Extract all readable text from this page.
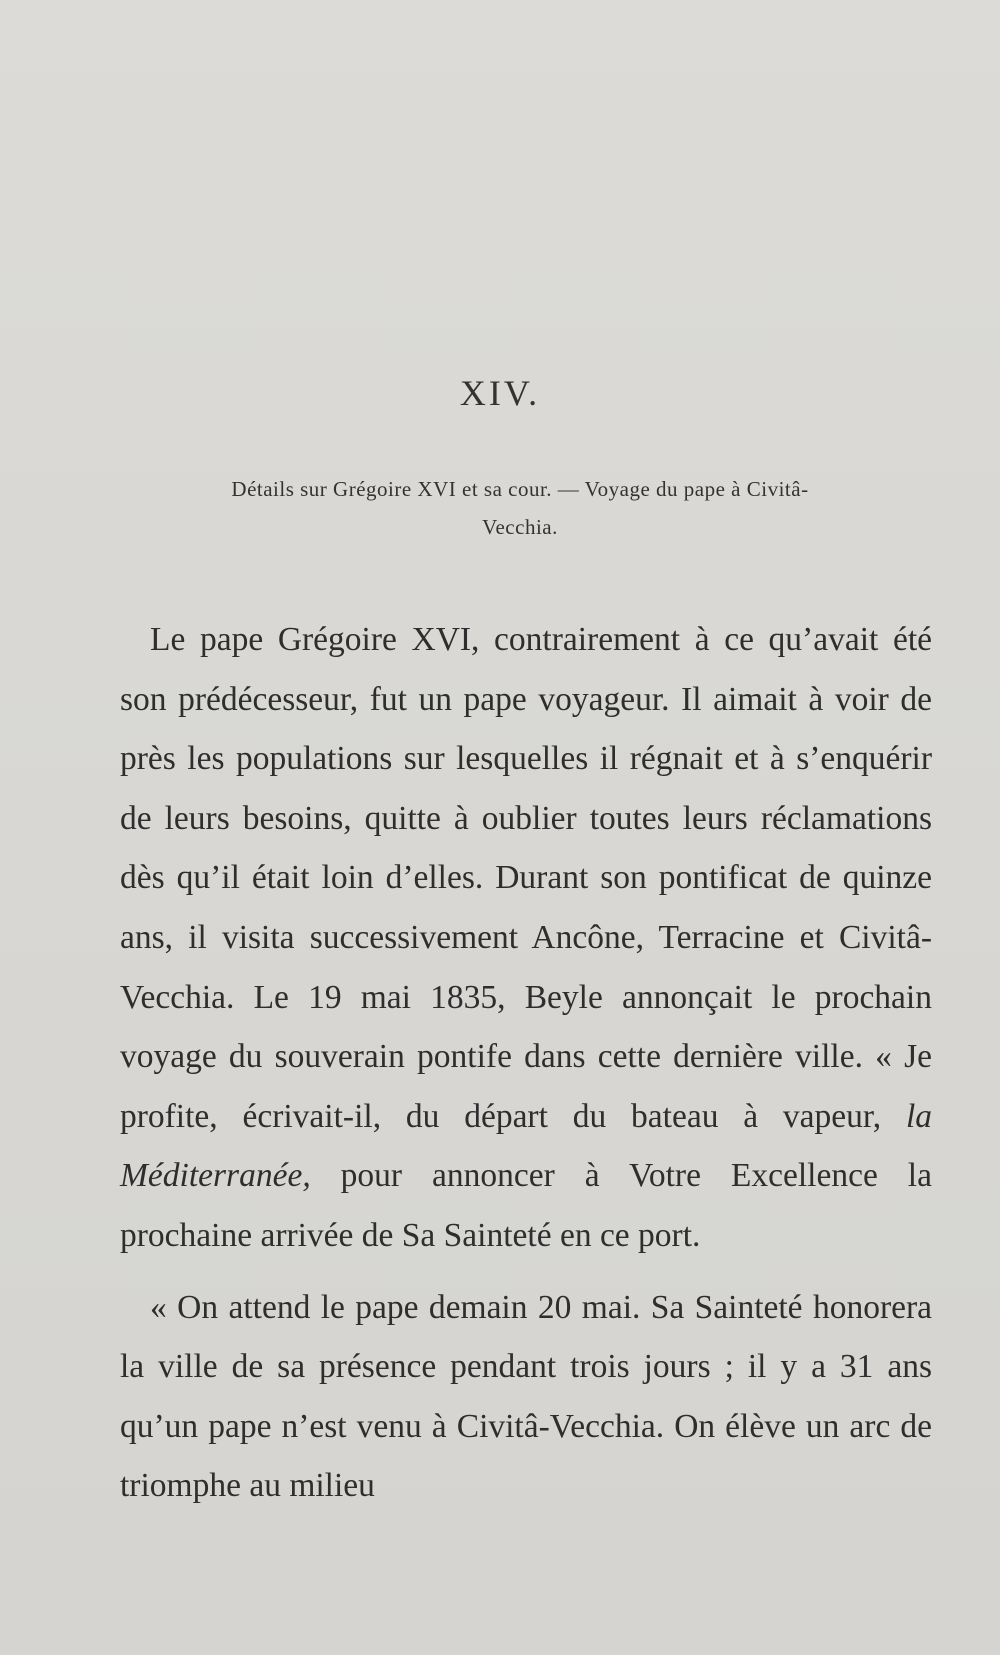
XIV.
Détails sur Grégoire XVI et sa cour. — Voyage du pape à Civitâ-
Vecchia.

Le pape Grégoire XVI, contrairement à ce qu’avait été son prédécesseur, fut un pape voyageur. Il aimait à voir de près les populations sur lesquelles il régnait et à s’enquérir de leurs besoins, quitte à oublier toutes leurs réclamations dès qu’il était loin d’elles. Durant son pontificat de quinze ans, il visita successivement Ancône, Terracine et Civitâ-Vecchia. Le 19 mai 1835, Beyle annonçait le prochain voyage du souverain pontife dans cette dernière ville. « Je profite, écrivait-il, du départ du bateau à vapeur, la Méditerranée, pour annoncer à Votre Excellence la prochaine arrivée de Sa Sainteté en ce port.

« On attend le pape demain 20 mai. Sa Sainteté honorera la ville de sa présence pendant trois jours ; il y a 31 ans qu’un pape n’est venu à Civitâ-Vecchia. On élève un arc de triomphe au milieu
